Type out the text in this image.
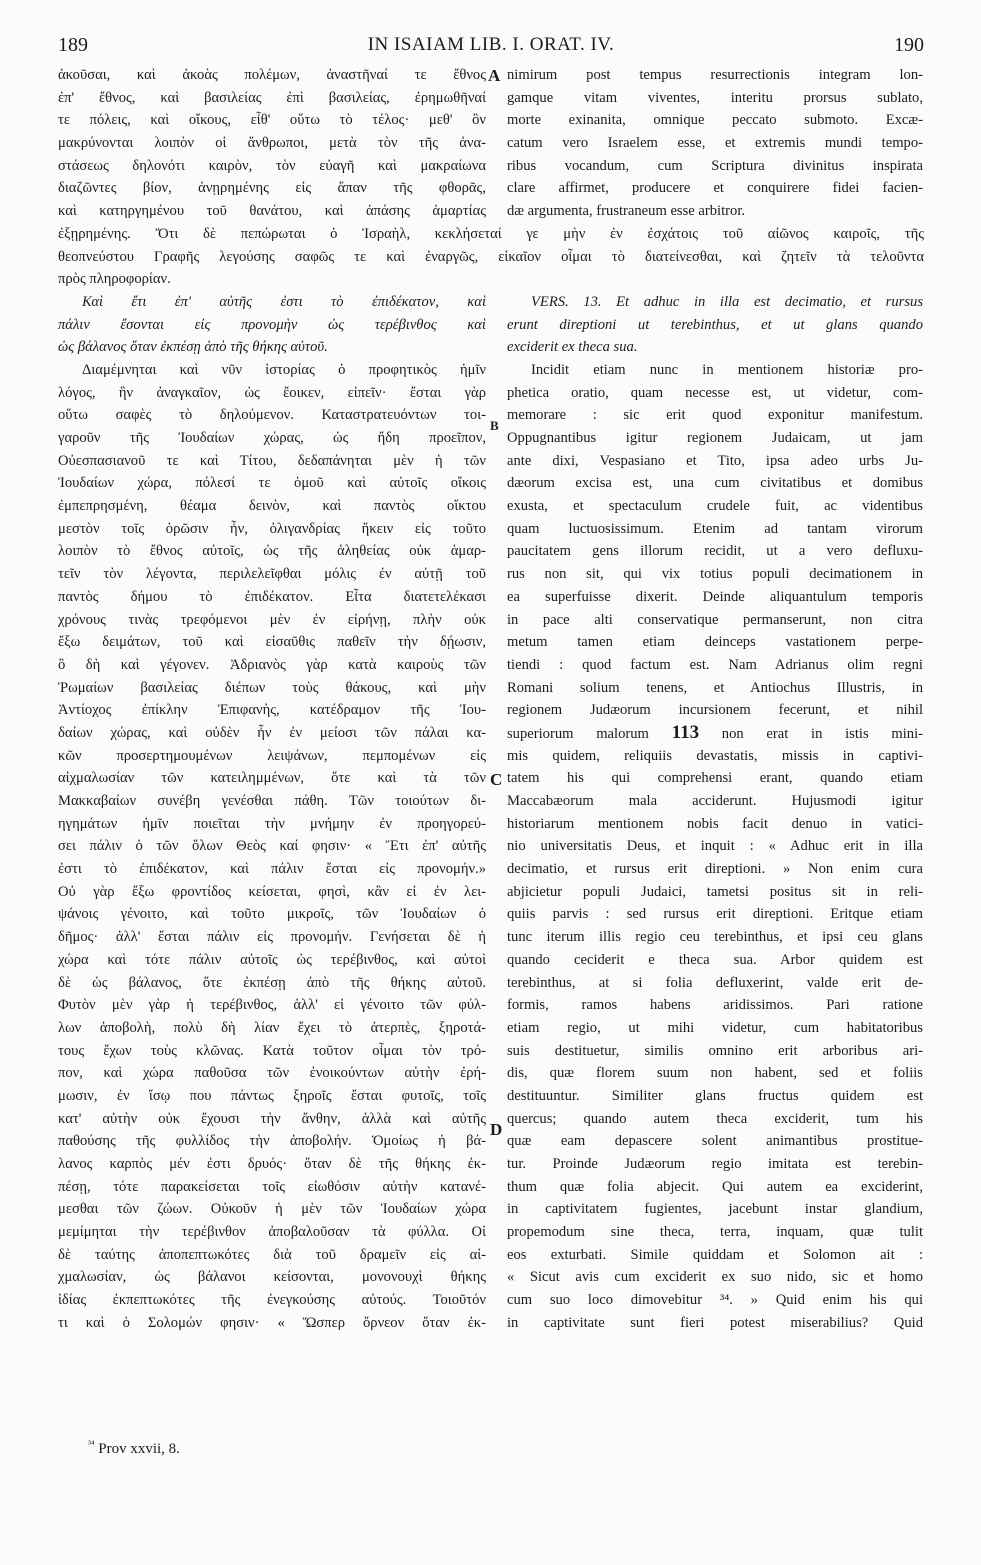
189	IN ISAIAM LIB. I. ORAT. IV.	190
ἀκοῦσαι, καὶ ἀκοὰς πολέμων, ἀναστῆναί τε ἔθνος
ἐπ' ἔθνος, καὶ βασιλείας ἐπὶ βασιλείας, ἐρημωθῆναί
τε πόλεις, καὶ οἴκους, εἶθ' οὕτω τὸ τέλος· μεθ' ὃν
μακρύνονται λοιπὸν οἱ ἄνθρωποι, μετὰ τὸν τῆς ἀνα-
στάσεως δηλονότι καιρὸν, τὸν εὐαγῆ καὶ μακραίωνα
διαζῶντες βίον, ἀνῃρημένης εἰς ἅπαν τῆς φθορᾶς,
καὶ κατηργημένου τοῦ θανάτου, καὶ ἁπάσης ἁμαρτίας
ἐξῃρημένης. Ὅτι δὲ πεπώρωται ὁ Ἰσραὴλ, κεκλήσεταί γε μὴν ἐν ἐσχάτοις τοῦ αἰῶνος καιροῖς, τῆς
θεοπνεύστου Γραφῆς λεγούσης σαφῶς τε καὶ ἐναργῶς, εἰκαῖον οἶμαι τὸ διατείνεσθαι, καὶ ζητεῖν τὰ τελοῦντα
πρὸς πληροφορίαν.
Καὶ ἔτι ἐπ' αὐτῆς ἐστι τὸ ἐπιδέκατον, καὶ
πάλιν ἔσονται εἰς προνομὴν ὡς τερέβινθος καὶ
ὡς βάλανος ὅταν ἐκπέσῃ ἀπὸ τῆς θήκης αὐτοῦ.
Διαμέμνηται καὶ νῦν ἱστορίας ὁ προφητικὸς ἡμῖν
λόγος, ἣν ἀναγκαῖον, ὡς ἔοικεν, εἰπεῖν· ἔσται γὰρ
οὕτω σαφὲς τὸ δηλούμενον. Καταστρατευόντων τοι-
γαροῦν τῆς Ἰουδαίων χώρας, ὡς ἤδη προεῖπον,
Οὐεσπασιανοῦ τε καὶ Τίτου, δεδαπάνηται μὲν ἡ τῶν
Ἰουδαίων χώρα, πόλεσί τε ὁμοῦ καὶ αὐτοῖς οἴκοις
ἐμπεπρησμένη, θέαμα δεινὸν, καὶ παντὸς οἴκτου
μεστὸν τοῖς ὁρῶσιν ἦν, ὀλιγανδρίας ἥκειν εἰς τοῦτο
λοιπὸν τὸ ἔθνος αὐτοῖς, ὡς τῆς ἀληθείας οὐκ ἁμαρ-
τεῖν τὸν λέγοντα, περιλελεῖφθαι μόλις ἐν αὐτῇ τοῦ
παντὸς δήμου τὸ ἐπιδέκατον. Εἶτα διατετελέκασι
χρόνους τινὰς τρεφόμενοι μὲν ἐν εἰρήνῃ, πλὴν οὐκ
ἔξω δειμάτων, τοῦ καὶ εἰσαῦθις παθεῖν τὴν δῄωσιν,
ὃ δὴ καὶ γέγονεν. Ἀδριανὸς γὰρ κατὰ καιροὺς τῶν
Ῥωμαίων βασιλείας διέπων τοὺς θάκους, καὶ μὴν
Ἀντίοχος ἐπίκλην Ἐπιφανὴς, κατέδραμον τῆς Ἰου-
δαίων χώρας, καὶ οὐδὲν ἦν ἐν μείοσι τῶν πάλαι κα-
κῶν προσερτημουμένων λειψάνων, πεμπομένων εἰς
αἰχμαλωσίαν τῶν κατειλημμένων, ὅτε καὶ τὰ τῶν
Μακκαβαίων συνέβη γενέσθαι πάθη. Τῶν τοιούτων δι-
ηγημάτων ἡμῖν ποιεῖται τὴν μνήμην ἐν προηγορεύ-
σει πάλιν ὁ τῶν ὅλων Θεὸς καί φησιν· « Ἔτι ἐπ' αὐτῆς
ἐστι τὸ ἐπιδέκατον, καὶ πάλιν ἔσται εἰς προνομήν.»
Οὐ γὰρ ἔξω φροντίδος κείσεται, φησὶ, κἂν εἰ ἐν λει-
ψάνοις γένοιτο, καὶ τοῦτο μικροῖς, τῶν Ἰουδαίων ὁ
δῆμος· ἀλλ' ἔσται πάλιν εἰς προνομήν. Γενήσεται δὲ ἡ
χώρα καὶ τότε πάλιν αὐτοῖς ὡς τερέβινθος, καὶ αὐτοὶ
δὲ ὡς βάλανος, ὅτε ἐκπέσῃ ἀπὸ τῆς θήκης αὐτοῦ.
Φυτὸν μὲν γὰρ ἡ τερέβινθος, ἀλλ' εἰ γένοιτο τῶν φύλ-
λων ἀποβολὴ, πολὺ δὴ λίαν ἔχει τὸ ἀτερπὲς, ξηροτά-
τους ἔχων τοὺς κλῶνας. Κατὰ τοῦτον οἶμαι τὸν τρό-
πον, καὶ χώρα παθοῦσα τῶν ἐνοικούντων αὐτὴν ἐρή-
μωσιν, ἐν ἴσῳ που πάντως ξηροῖς ἔσται φυτοῖς, τοῖς
κατ' αὐτὴν οὐκ ἔχουσι τὴν ἄνθην, ἀλλὰ καὶ αὐτῆς
παθούσης τῆς φυλλίδος τὴν ἀποβολήν. Ὁμοίως ἡ βά-
λανος καρπὸς μέν ἐστι δρυός· ὅταν δὲ τῆς θήκης ἐκ-
πέσῃ, τότε παρακείσεται τοῖς εἰωθόσιν αὐτὴν κατανέ-
μεσθαι τῶν ζώων. Οὐκοῦν ἡ μὲν τῶν Ἰουδαίων χώρα
μεμίμηται τὴν τερέβινθον ἀποβαλοῦσαν τὰ φύλλα. Οἱ
δὲ ταύτης ἀποπεπτωκότες διὰ τοῦ δραμεῖν εἰς αἰ-
χμαλωσίαν, ὡς βάλανοι κείσονται, μονονουχὶ θήκης
ἰδίας ἐκπεπτωκότες τῆς ἐνεγκούσης αὐτούς. Τοιοῦτόν
τι καὶ ὁ Σολομών φησιν· « Ὥσπερ ὄρνεον ὅταν ἐκ-
nimirum post tempus resurrectionis integram lon-
gamque vitam viventes, interitu prorsus sublato,
morte exinanita, omnique peccato submoto. Excæ-
catum vero Israelem esse, et extremis mundi tempo-
ribus vocandum, cum Scriptura divinitus inspirata
clare affirmet, producere et conquirere fidei facien-
dæ argumenta, frustraneum esse arbitror.
VERS. 13. Et adhuc in illa est decimatio, et rursus
erunt direptioni ut terebinthus, et ut glans quando
exciderit ex theca sua.
Incidit etiam nunc in mentionem historiæ pro-
phetica oratio, quam necesse est, ut videtur, com-
memorare : sic erit quod exponitur manifestum.
Oppugnantibus igitur regionem Judaicam, ut jam
ante dixi, Vespasiano et Tito, ipsa adeo urbs Ju-
dæorum excisa est, una cum civitatibus et domibus
exusta, et spectaculum crudele fuit, ac videntibus
quam luctuosissimum. Etenim ad tantam virorum
paucitatem gens illorum recidit, ut a vero defluxu-
rus non sit, qui vix totius populi decimationem in
ea superfuisse dixerit. Deinde aliquantulum temporis
in pace alti conservatique permanserunt, non citra
metum tamen etiam deinceps vastationem perpe-
tiendi : quod factum est. Nam Adrianus olim regni
Romani solium tenens, et Antiochus Illustris, in
regionem Judæorum incursionem fecerunt, et nihil
superiorum malorum 113 non erat in istis mini-
mis quidem, reliquiis devastatis, missis in captivi-
tatem his qui comprehensi erant, quando etiam
Maccabæorum mala acciderunt. Hujusmodi igitur
historiarum mentionem nobis facit denuo in vatici-
nio universitatis Deus, et inquit : « Adhuc erit in illa
decimatio, et rursus erit direptioni. » Non enim cura
abjicietur populi Judaici, tametsi positus sit in reli-
quiis parvis : sed rursus erit direptioni. Eritque etiam
tunc iterum illis regio ceu terebinthus, et ipsi ceu glans
quando ceciderit e theca sua. Arbor quidem est
terebinthus, at si folia defluxerint, valde erit de-
formis, ramos habens aridissimos. Pari ratione
etiam regio, ut mihi videtur, cum habitatoribus
suis destituetur, similis omnino erit arboribus ari-
dis, quæ florem suum non habent, sed et foliis
destituuntur. Similiter glans fructus quidem est
quercus; quando autem theca exciderit, tum his
quæ eam depascere solent animantibus prostitue-
tur. Proinde Judæorum regio imitata est terebin-
thum quæ folia abjecit. Qui autem ea exciderint,
in captivitatem fugientes, jacebunt instar glandium,
propemodum sine theca, terra, inquam, quæ tulit
eos exturbati. Simile quiddam et Solomon ait :
« Sicut avis cum exciderit ex suo nido, sic et homo
cum suo loco dimovebitur ³⁴. » Quid enim his qui
in captivitate sunt fieri potest miserabilius? Quid
A
B
C
D
$^{^{34}}$ Prov xxvii, 8.
